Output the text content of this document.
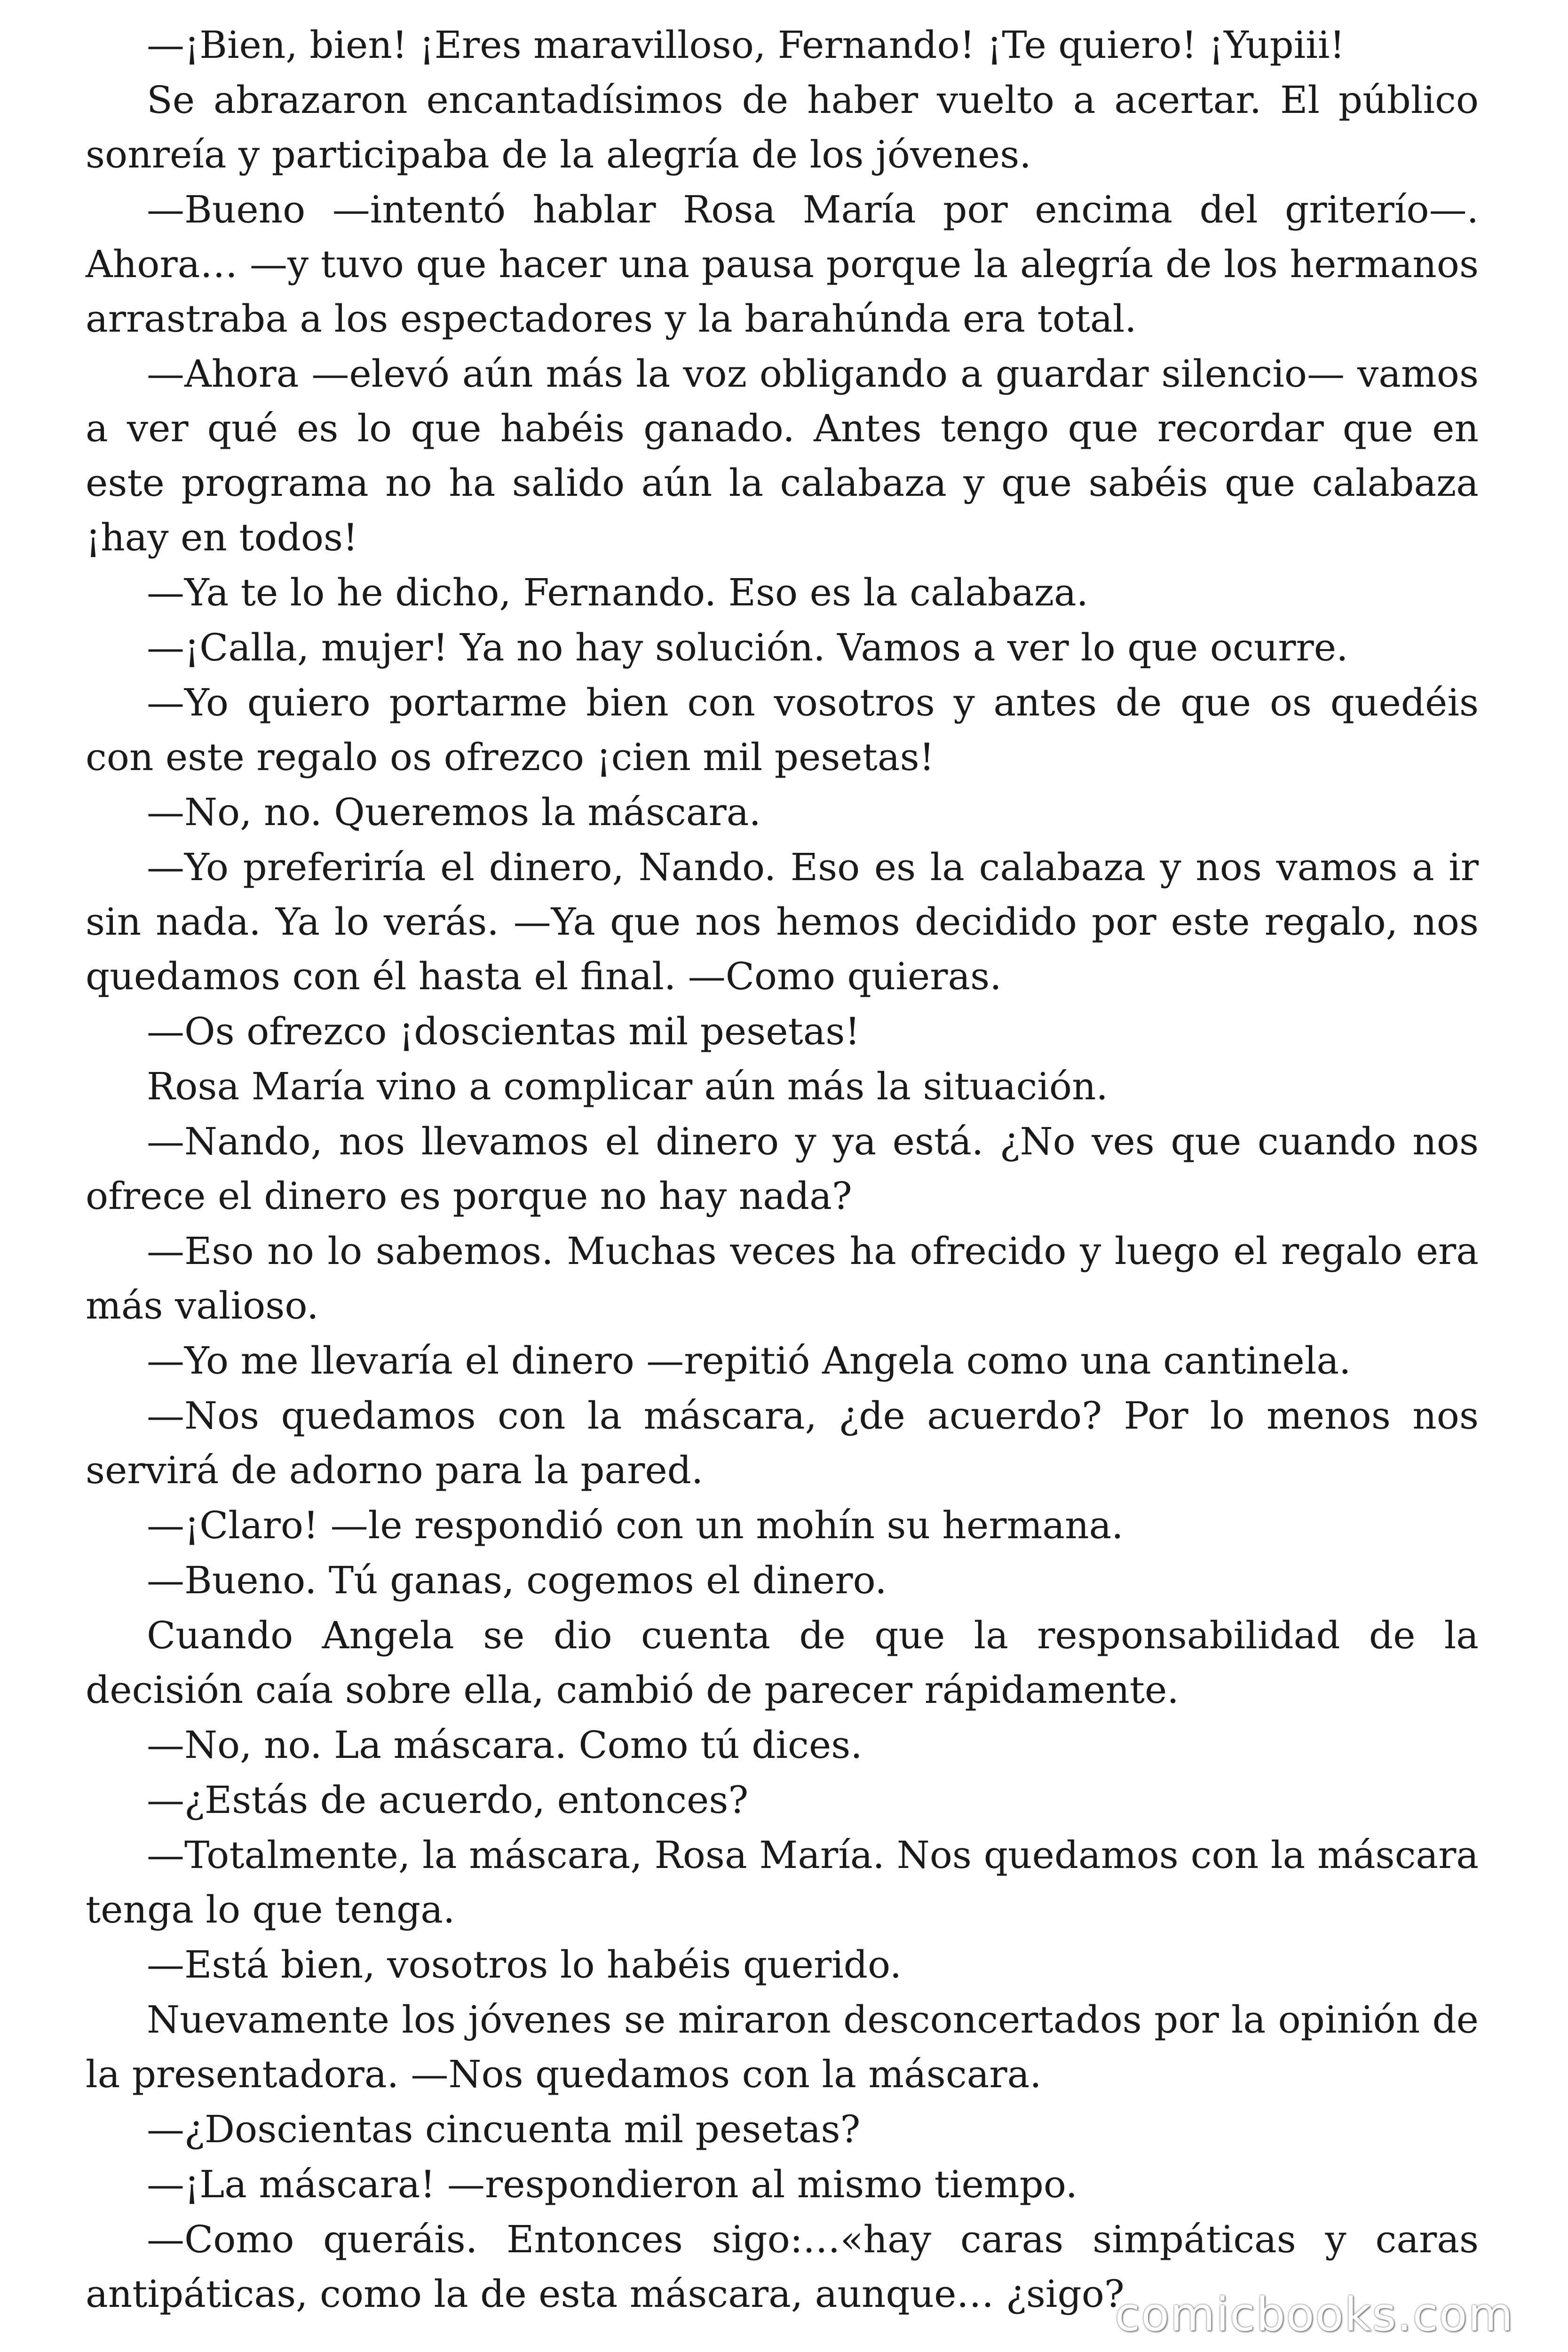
—¡Bien, bien! ¡Eres maravilloso, Fernando! ¡Te quiero! ¡Yupiii!

Se abrazaron encantadísimos de haber vuelto a acertar. El público sonreía y participaba de la alegría de los jóvenes.

—Bueno —intentó hablar Rosa María por encima del griterío—. Ahora… —y tuvo que hacer una pausa porque la alegría de los hermanos arrastraba a los espectadores y la barahúnda era total.

—Ahora —elevó aún más la voz obligando a guardar silencio— vamos a ver qué es lo que habéis ganado. Antes tengo que recordar que en este programa no ha salido aún la calabaza y que sabéis que calabaza ¡hay en todos!

—Ya te lo he dicho, Fernando. Eso es la calabaza.

—¡Calla, mujer! Ya no hay solución. Vamos a ver lo que ocurre.

—Yo quiero portarme bien con vosotros y antes de que os quedéis con este regalo os ofrezco ¡cien mil pesetas!

—No, no. Queremos la máscara.

—Yo preferiría el dinero, Nando. Eso es la calabaza y nos vamos a ir sin nada. Ya lo verás. —Ya que nos hemos decidido por este regalo, nos quedamos con él hasta el final. —Como quieras.

—Os ofrezco ¡doscientas mil pesetas!

Rosa María vino a complicar aún más la situación.

—Nando, nos llevamos el dinero y ya está. ¿No ves que cuando nos ofrece el dinero es porque no hay nada?

—Eso no lo sabemos. Muchas veces ha ofrecido y luego el regalo era más valioso.

—Yo me llevaría el dinero —repitió Angela como una cantinela.

—Nos quedamos con la máscara, ¿de acuerdo? Por lo menos nos servirá de adorno para la pared.

—¡Claro! —le respondió con un mohín su hermana.

—Bueno. Tú ganas, cogemos el dinero.

Cuando Angela se dio cuenta de que la responsabilidad de la decisión caía sobre ella, cambió de parecer rápidamente.

—No, no. La máscara. Como tú dices.

—¿Estás de acuerdo, entonces?

—Totalmente, la máscara, Rosa María. Nos quedamos con la máscara tenga lo que tenga.

—Está bien, vosotros lo habéis querido.

Nuevamente los jóvenes se miraron desconcertados por la opinión de la presentadora. —Nos quedamos con la máscara.

—¿Doscientas cincuenta mil pesetas?

—¡La máscara! —respondieron al mismo tiempo.

—Como queráis. Entonces sigo:…«hay caras simpáticas y caras antipáticas, como la de esta máscara, aunque… ¿sigo?

comicbooks.com
